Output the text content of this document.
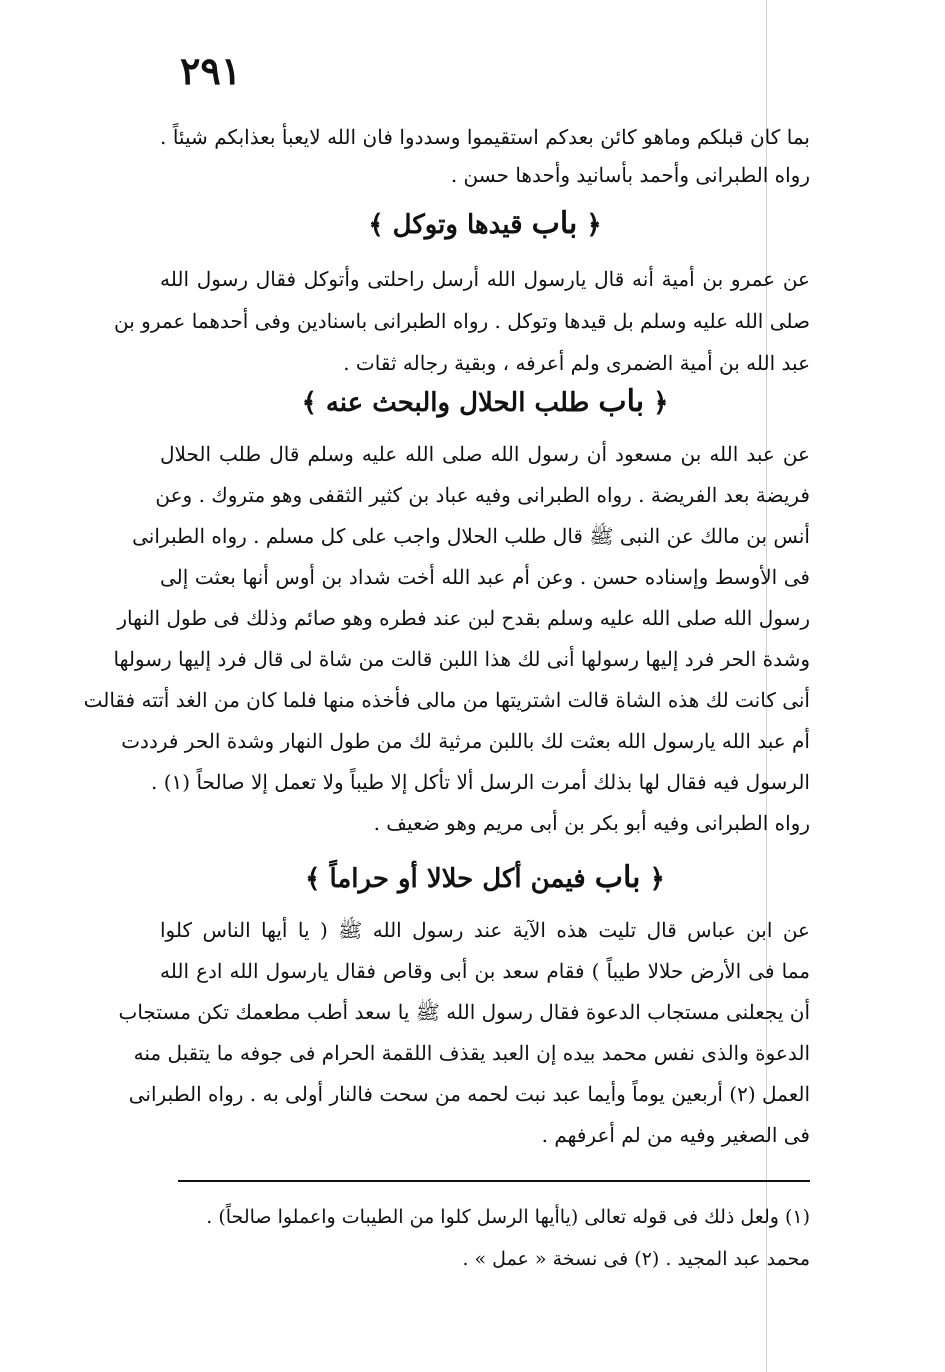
٢٩١
بما كان قبلكم وماهو كائن بعدكم استقيموا وسددوا فان الله لايعبأ بعذابكم شيئاً .
رواه الطبرانى وأحمد بأسانيد وأحدها حسن .
﴿ باب قيدها وتوكل ﴾
عن عمرو بن أمية أنه قال يارسول الله أرسل راحلتى وأتوكل فقال رسول الله
صلى الله عليه وسلم بل قيدها وتوكل . رواه الطبرانى باسنادين وفى أحدهما عمرو بن
عبد الله بن أمية الضمرى ولم أعرفه ، وبقية رجاله ثقات .
﴿ باب طلب الحلال والبحث عنه ﴾
عن عبد الله بن مسعود أن رسول الله صلى الله عليه وسلم قال طلب الحلال
فريضة بعد الفريضة . رواه الطبرانى وفيه عباد بن كثير الثقفى وهو متروك . وعن
أنس بن مالك عن النبى ﷺ قال طلب الحلال واجب على كل مسلم . رواه الطبرانى
فى الأوسط وإسناده حسن . وعن أم عبد الله أخت شداد بن أوس أنها بعثت إلى
رسول الله صلى الله عليه وسلم بقدح لبن عند فطره وهو صائم وذلك فى طول النهار
وشدة الحر فرد إليها رسولها أنى لك هذا اللبن قالت من شاة لى قال فرد إليها رسولها
أنى كانت لك هذه الشاة قالت اشتريتها من مالى فأخذه منها فلما كان من الغد أتته فقالت
أم عبد الله يارسول الله بعثت لك باللبن مرثية لك من طول النهار وشدة الحر فرددت
الرسول فيه فقال لها بذلك أمرت الرسل ألا تأكل إلا طيباً ولا تعمل إلا صالحاً (١) .
رواه الطبرانى وفيه أبو بكر بن أبى مريم وهو ضعيف .
﴿ باب فيمن أكل حلالا أو حراماً ﴾
عن ابن عباس قال تليت هذه الآية عند رسول الله ﷺ ( يا أيها الناس كلوا
مما فى الأرض حلالا طيباً ) فقام سعد بن أبى وقاص فقال يارسول الله ادع الله
أن يجعلنى مستجاب الدعوة فقال رسول الله ﷺ يا سعد أطب مطعمك تكن مستجاب
الدعوة والذى نفس محمد بيده إن العبد يقذف اللقمة الحرام فى جوفه ما يتقبل منه
العمل (٢) أربعين يوماً وأيما عبد نبت لحمه من سحت فالنار أولى به . رواه الطبرانى
فى الصغير وفيه من لم أعرفهم .
(١) ولعل ذلك فى قوله تعالى (ياأيها الرسل كلوا من الطيبات واعملوا صالحاً) .
محمد عبد المجيد . (٢) فى نسخة « عمل » .
